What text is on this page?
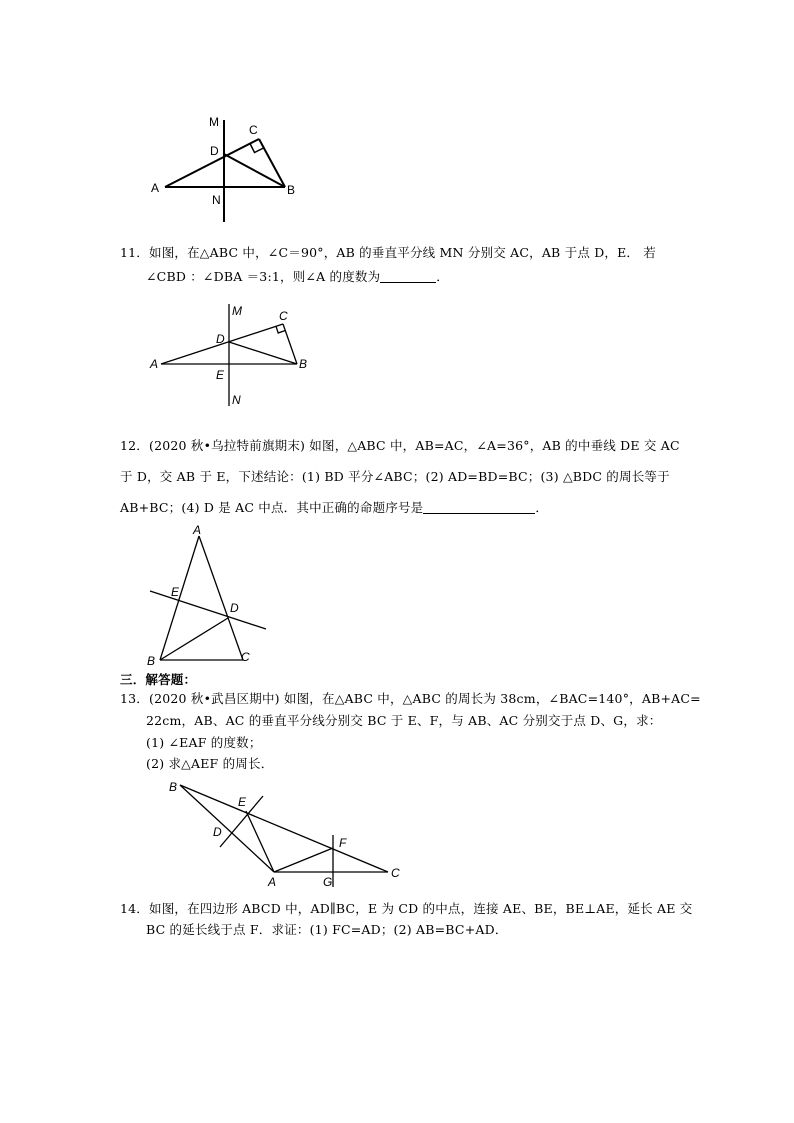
M
C
D
A	B
N
11．如图，在△ABC 中，∠C＝90°，AB 的垂直平分线 MN 分别交 AC，AB 于点 D，E． 若
∠CBD ：∠DBA ＝3:1，则∠A 的度数为	．
M	C
D
A	B
E
N
12．(2020 秋•乌拉特前旗期末) 如图，△ABC 中，AB=AC，∠A=36°，AB 的中垂线 DE 交 AC
于 D，交 AB 于 E，下述结论：(1) BD 平分∠ABC；(2) AD=BD=BC；(3) △BDC 的周长等于
AB+BC；(4) D 是 AC 中点．其中正确的命题序号是	．
A
E
D
B	C
三．解答题：
13．(2020 秋•武昌区期中) 如图，在△ABC 中，△ABC 的周长为 38cm，∠BAC=140°，AB+AC=
22cm，AB、AC 的垂直平分线分别交 BC 于 E、F，与 AB、AC 分别交于点 D、G，求：
(1) ∠EAF 的度数；
(2) 求△AEF 的周长．
B
E
D
F
A	G
C
14．如图，在四边形 ABCD 中，AD∥BC，E 为 CD 的中点，连接 AE、BE，BE⊥AE，延长 AE 交
BC 的延长线于点 F．求证：(1) FC=AD；(2) AB=BC+AD．
